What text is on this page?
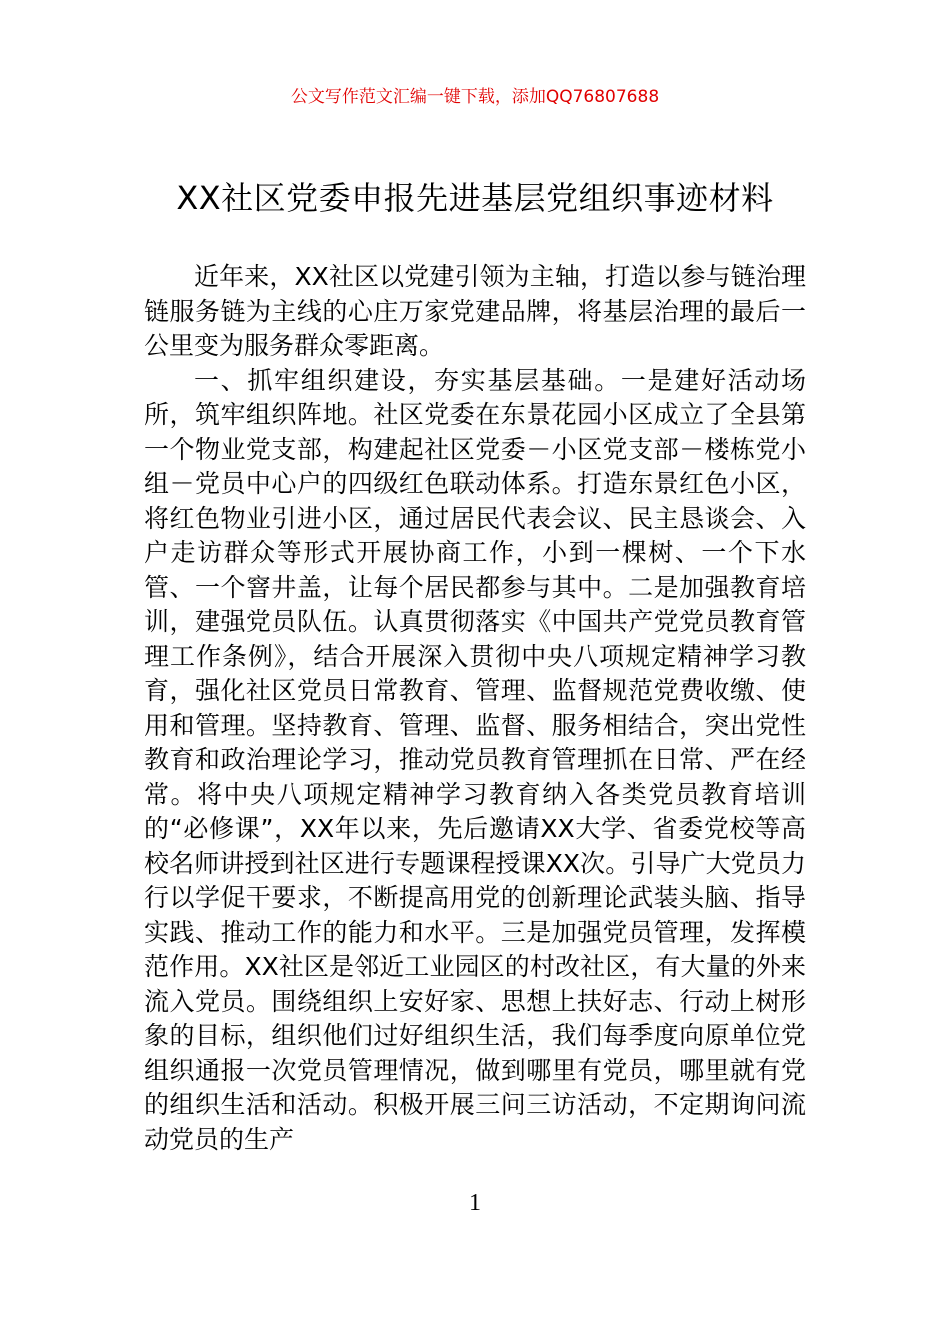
公文写作范文汇编一键下载，添加QQ76807688
XX社区党委申报先进基层党组织事迹材料

近年来，XX社区以党建引领为主轴，打造以参与链治理链服务链为主线的心庄万家党建品牌，将基层治理的最后一公里变为服务群众零距离。

一、抓牢组织建设，夯实基层基础。一是建好活动场所，筑牢组织阵地。社区党委在东景花园小区成立了全县第一个物业党支部，构建起社区党委－小区党支部－楼栋党小组－党员中心户的四级红色联动体系。打造东景红色小区，将红色物业引进小区，通过居民代表会议、民主恳谈会、入户走访群众等形式开展协商工作，小到一棵树、一个下水管、一个窨井盖，让每个居民都参与其中。二是加强教育培训，建强党员队伍。认真贯彻落实《中国共产党党员教育管理工作条例》，结合开展深入贯彻中央八项规定精神学习教育，强化社区党员日常教育、管理、监督规范党费收缴、使用和管理。坚持教育、管理、监督、服务相结合，突出党性教育和政治理论学习，推动党员教育管理抓在日常、严在经常。将中央八项规定精神学习教育纳入各类党员教育培训的“必修课”，XX年以来，先后邀请XX大学、省委党校等高校名师讲授到社区进行专题课程授课XX次。引导广大党员力行以学促干要求，不断提高用党的创新理论武装头脑、指导实践、推动工作的能力和水平。三是加强党员管理，发挥模范作用。XX社区是邻近工业园区的村改社区，有大量的外来流入党员。围绕组织上安好家、思想上扶好志、行动上树形象的目标，组织他们过好组织生活，我们每季度向原单位党组织通报一次党员管理情况，做到哪里有党员，哪里就有党的组织生活和活动。积极开展三问三访活动，不定期询问流动党员的生产

1
